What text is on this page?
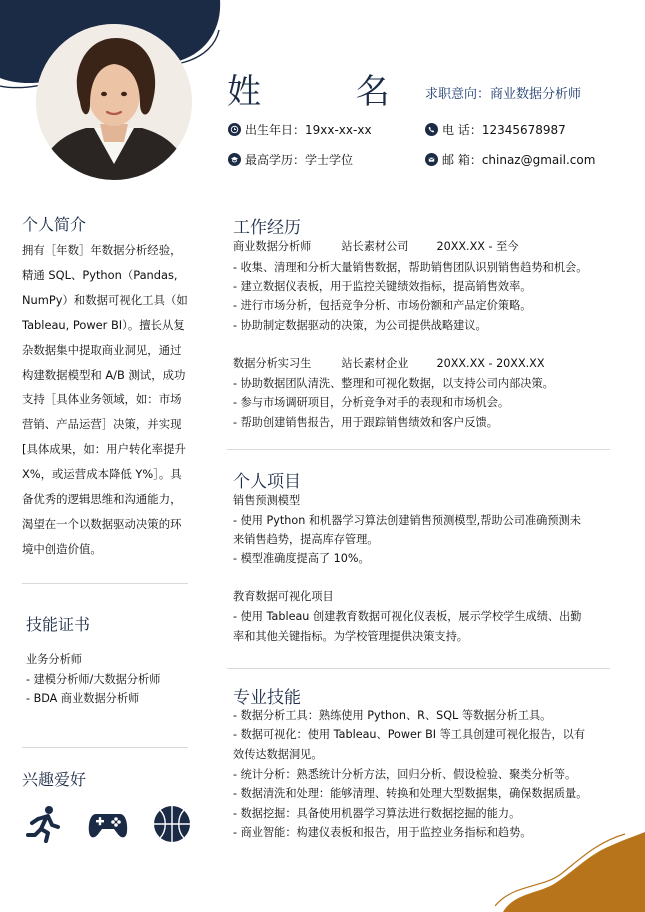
姓 名
求职意向：商业数据分析师
出生年日：19xx-xx-xx	电 话：12345678987
最高学历：学士学位	邮 箱：chinaz@gmail.com
个人简介
拥有［年数］年数据分析经验，
精通 SQL、Python（Pandas,
NumPy）和数据可视化工具（如
Tableau, Power BI）。擅长从复
杂数据集中提取商业洞见，通过
构建数据模型和 A/B 测试，成功
支持［具体业务领域，如：市场
营销、产品运营］决策，并实现
[具体成果，如：用户转化率提升
X%，或运营成本降低 Y%］。具
备优秀的逻辑思维和沟通能力，
渴望在一个以数据驱动决策的环
境中创造价值。
技能证书
业务分析师
- 建模分析师/大数据分析师
- BDA 商业数据分析师
兴趣爱好
工作经历
商业数据分析师	站长素材公司	20XX.XX - 至今
- 收集、清理和分析大量销售数据，帮助销售团队识别销售趋势和机会。
- 建立数据仪表板，用于监控关键绩效指标，提高销售效率。
- 进行市场分析，包括竞争分析、市场份额和产品定价策略。
- 协助制定数据驱动的决策，为公司提供战略建议。
数据分析实习生	站长素材企业	20XX.XX - 20XX.XX
- 协助数据团队清洗、整理和可视化数据，以支持公司内部决策。
- 参与市场调研项目，分析竞争对手的表现和市场机会。
- 帮助创建销售报告，用于跟踪销售绩效和客户反馈。
个人项目
销售预测模型
- 使用 Python 和机器学习算法创建销售预测模型,帮助公司准确预测未
来销售趋势，提高库存管理。
- 模型准确度提高了 10%。
教育数据可视化项目
- 使用 Tableau 创建教育数据可视化仪表板，展示学校学生成绩、出勤
率和其他关键指标。为学校管理提供决策支持。
专业技能
- 数据分析工具：熟练使用 Python、R、SQL 等数据分析工具。
- 数据可视化：使用 Tableau、Power BI 等工具创建可视化报告，以有
效传达数据洞见。
- 统计分析：熟悉统计分析方法，回归分析、假设检验、聚类分析等。
- 数据清洗和处理：能够清理、转换和处理大型数据集，确保数据质量。
- 数据挖掘：具备使用机器学习算法进行数据挖掘的能力。
- 商业智能：构建仪表板和报告，用于监控业务指标和趋势。
